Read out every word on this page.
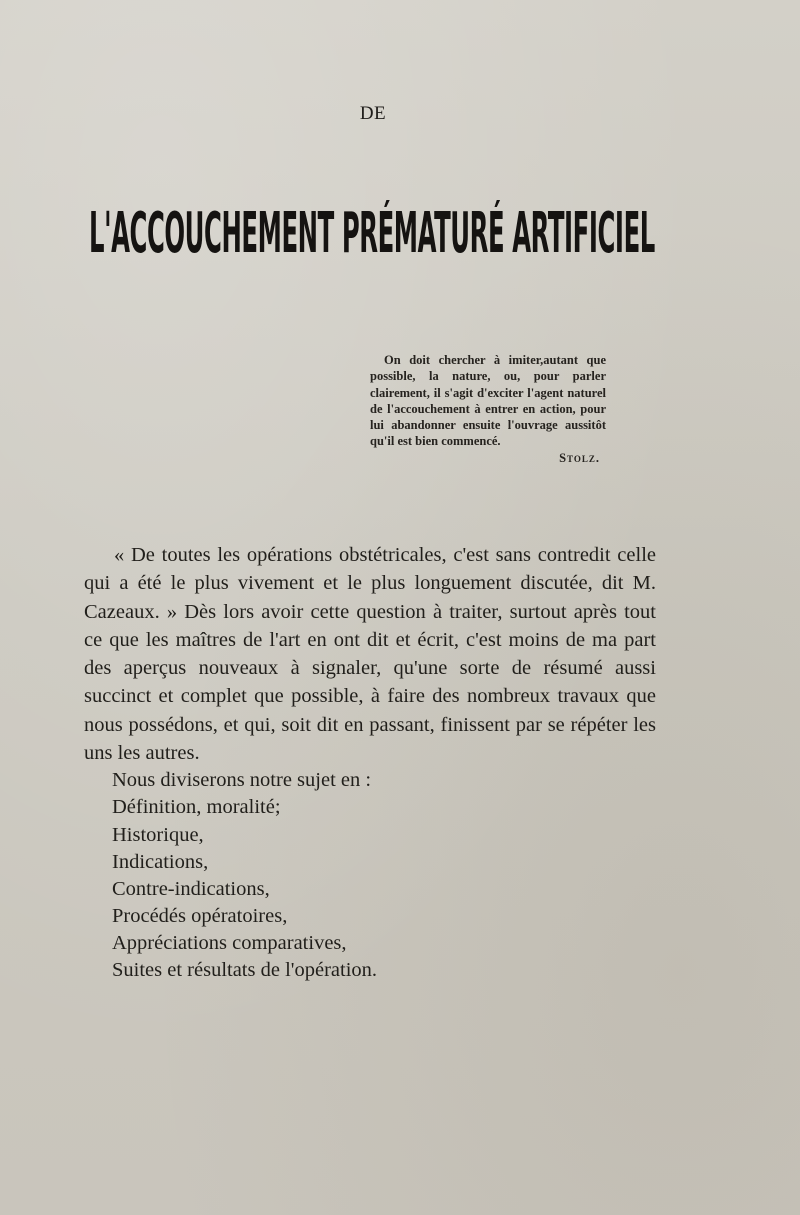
DE
L'ACCOUCHEMENT PRÉMATURÉ ARTIFICIEL

On doit chercher à imiter,autant que possible, la nature, ou, pour parler clairement, il s'agit d'exciter l'agent naturel de l'accouchement à entrer en action, pour lui abandonner ensuite l'ouvrage aussitôt qu'il est bien commencé.

Stolz.

« De toutes les opérations obstétricales, c'est sans contredit celle qui a été le plus vivement et le plus longuement discutée, dit M. Cazeaux. » Dès lors avoir cette question à traiter, surtout après tout ce que les maîtres de l'art en ont dit et écrit, c'est moins de ma part des aperçus nouveaux à signaler, qu'une sorte de résumé aussi succinct et complet que possible, à faire des nombreux travaux que nous possédons, et qui, soit dit en passant, finissent par se répéter les uns les autres.

Nous diviserons notre sujet en :

Définition, moralité;

Historique,

Indications,

Contre-indications,

Procédés opératoires,

Appréciations comparatives,

Suites et résultats de l'opération.
